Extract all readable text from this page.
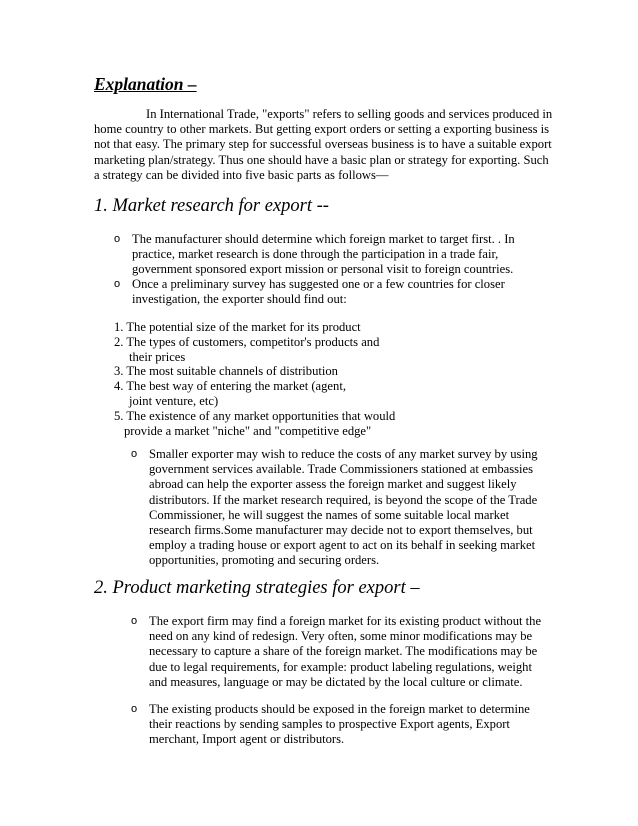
Explanation –

In International Trade, "exports" refers to selling goods and services produced in home country to other markets. But getting export orders or setting a exporting business is not that easy. The primary step for successful overseas business is to have a suitable export marketing plan/strategy. Thus one should have a basic plan or strategy for exporting. Such a strategy can be divided into five basic parts as follows—

1. Market research for export --

o The manufacturer should determine which foreign market to target first. . In practice, market research is done through the participation in a trade fair, government sponsored export mission or personal visit to foreign countries.

o Once a preliminary survey has suggested one or a few countries for closer investigation, the exporter should find out:

1. The potential size of the market for its product
2. The types of customers, competitor's products and
their prices
3. The most suitable channels of distribution
4. The best way of entering the market (agent,
joint venture, etc)
5. The existence of any market opportunities that would
provide a market "niche" and "competitive edge"

o Smaller exporter may wish to reduce the costs of any market survey by using government services available. Trade Commissioners stationed at embassies abroad can help the exporter assess the foreign market and suggest likely distributors. If the market research required, is beyond the scope of the Trade Commissioner, he will suggest the names of some suitable local market research firms.Some manufacturer may decide not to export themselves, but employ a trading house or export agent to act on its behalf in seeking market opportunities, promoting and securing orders.

2. Product marketing strategies for export –

o The export firm may find a foreign market for its existing product without the need on any kind of redesign. Very often, some minor modifications may be necessary to capture a share of the foreign market. The modifications may be due to legal requirements, for example: product labeling regulations, weight and measures, language or may be dictated by the local culture or climate.

o The existing products should be exposed in the foreign market to determine their reactions by sending samples to prospective Export agents, Export merchant, Import agent or distributors.
